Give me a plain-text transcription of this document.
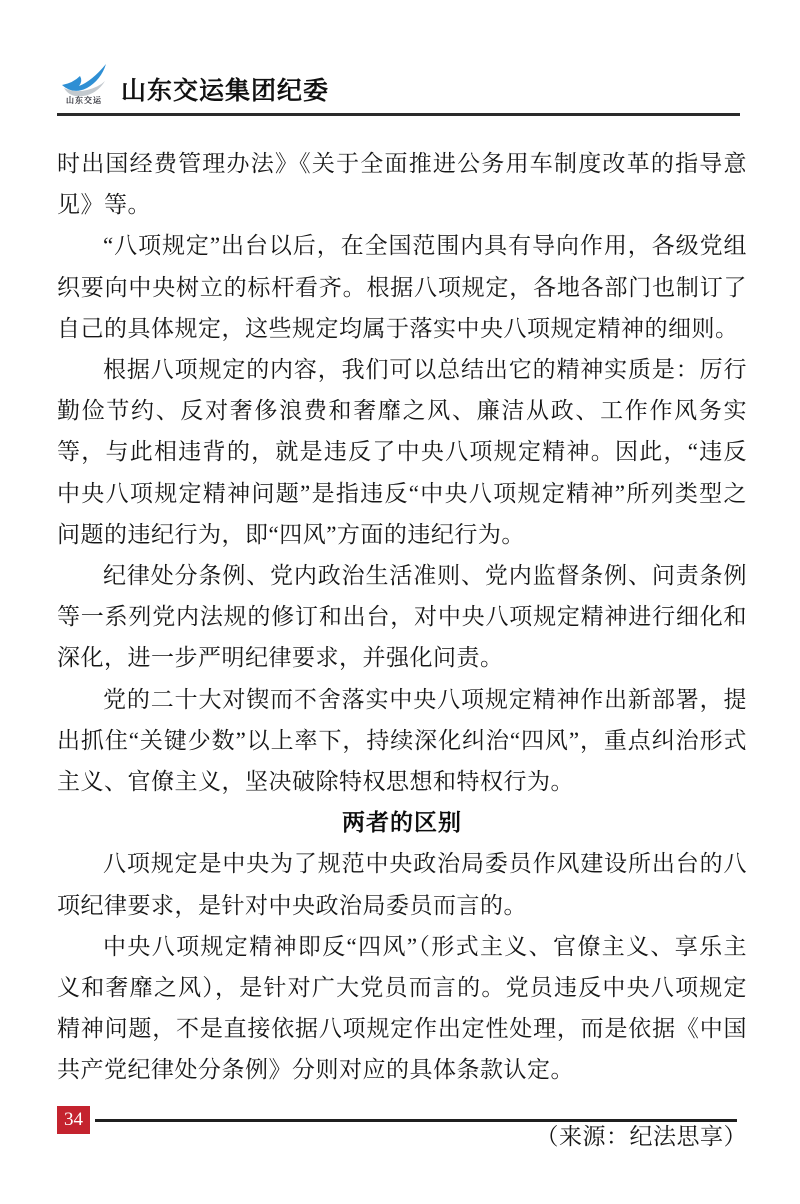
山东交运 山东交运集团纪委

时出国经费管理办法》《关于全面推进公务用车制度改革的指导意见》等。

“八项规定”出台以后，在全国范围内具有导向作用，各级党组织要向中央树立的标杆看齐。根据八项规定，各地各部门也制订了自己的具体规定，这些规定均属于落实中央八项规定精神的细则。

根据八项规定的内容，我们可以总结出它的精神实质是：厉行勤俭节约、反对奢侈浪费和奢靡之风、廉洁从政、工作作风务实等，与此相违背的，就是违反了中央八项规定精神。因此，“违反中央八项规定精神问题”是指违反“中央八项规定精神”所列类型之问题的违纪行为，即“四风”方面的违纪行为。

纪律处分条例、党内政治生活准则、党内监督条例、问责条例等一系列党内法规的修订和出台，对中央八项规定精神进行细化和深化，进一步严明纪律要求，并强化问责。

党的二十大对锲而不舍落实中央八项规定精神作出新部署，提出抓住“关键少数”以上率下，持续深化纠治“四风”，重点纠治形式主义、官僚主义，坚决破除特权思想和特权行为。

两者的区别

八项规定是中央为了规范中央政治局委员作风建设所出台的八项纪律要求，是针对中央政治局委员而言的。

中央八项规定精神即反“四风”（形式主义、官僚主义、享乐主义和奢靡之风），是针对广大党员而言的。党员违反中央八项规定精神问题，不是直接依据八项规定作出定性处理，而是依据《中国共产党纪律处分条例》分则对应的具体条款认定。

（来源：纪法思享）

34
